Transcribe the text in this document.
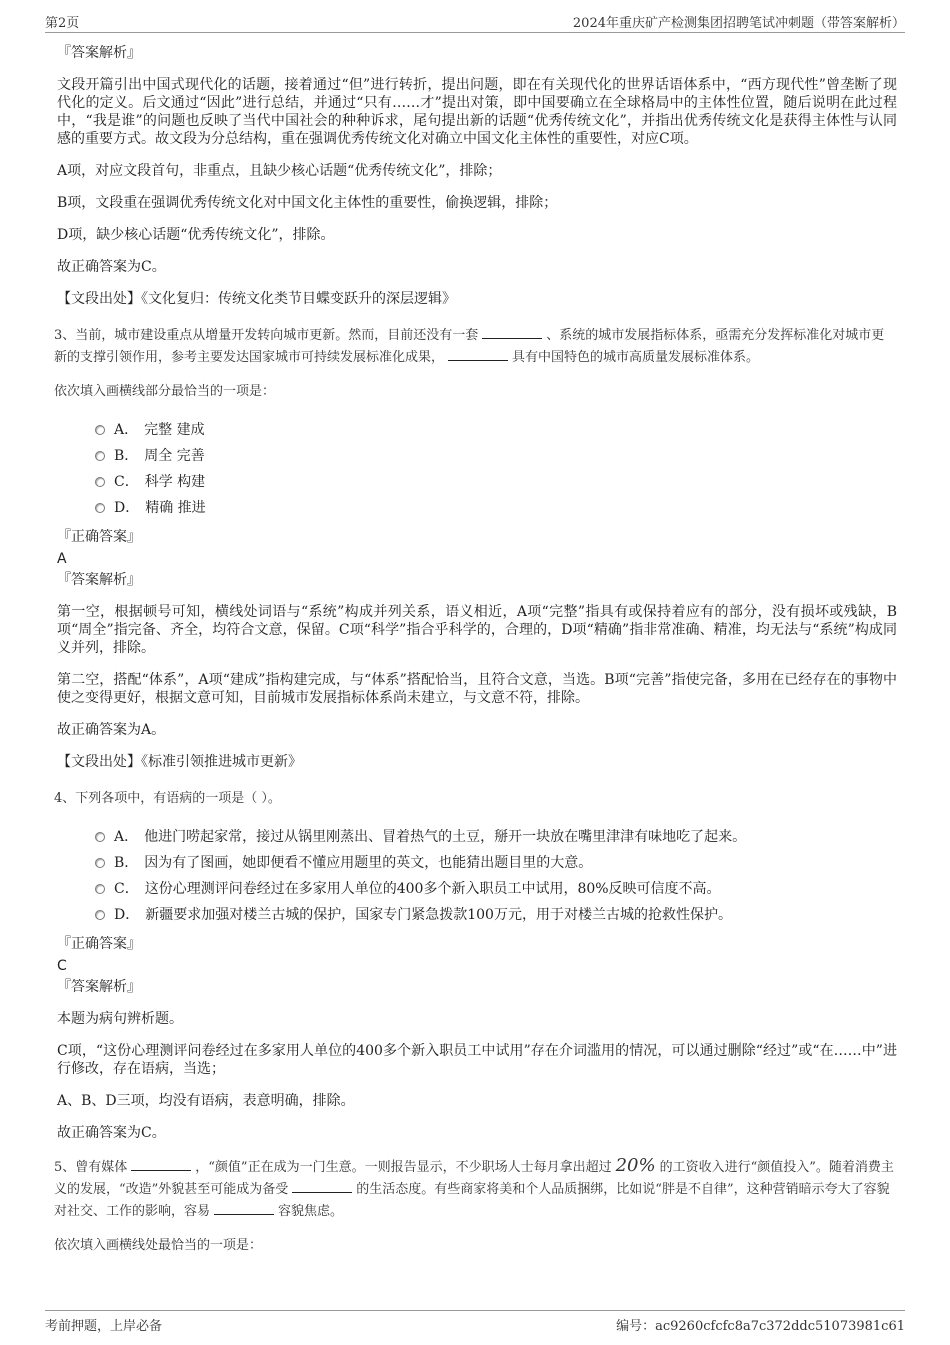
第2页	2024年重庆矿产检测集团招聘笔试冲刺题（带答案解析）
『答案解析』

文段开篇引出中国式现代化的话题，接着通过“但”进行转折，提出问题，即在有关现代化的世界话语体系中，“西方现代性”曾垄断了现代化的定义。后文通过“因此”进行总结，并通过“只有……才”提出对策，即中国要确立在全球格局中的主体性位置，随后说明在此过程中，“我是谁”的问题也反映了当代中国社会的种种诉求，尾句提出新的话题“优秀传统文化”，并指出优秀传统文化是获得主体性与认同感的重要方式。故文段为分总结构，重在强调优秀传统文化对确立中国文化主体性的重要性，对应C项。

A项，对应文段首句，非重点，且缺少核心话题“优秀传统文化”，排除；

B项，文段重在强调优秀传统文化对中国文化主体性的重要性，偷换逻辑，排除；

D项，缺少核心话题“优秀传统文化”，排除。

故正确答案为C。

【文段出处】《文化复归：传统文化类节目蝶变跃升的深层逻辑》

3、当前，城市建设重点从增量开发转向城市更新。然而，目前还没有一套	、系统的城市发展指标体系，亟需充分发挥标准化对城市更新的支撑引领作用，参考主要发达国家城市可持续发展标准化成果，	具有中国特色的城市高质量发展标准体系。
依次填入画横线部分最恰当的一项是：
A． 完整 建成
B． 周全 完善
C． 科学 构建
D． 精确 推进
『正确答案』
A
『答案解析』

第一空，根据顿号可知，横线处词语与“系统”构成并列关系，语义相近，A项“完整”指具有或保持着应有的部分，没有损坏或残缺，B项“周全”指完备、齐全，均符合文意，保留。C项“科学”指合乎科学的，合理的，D项“精确”指非常准确、精准，均无法与“系统”构成同义并列，排除。

第二空，搭配“体系”，A项“建成”指构建完成，与“体系”搭配恰当，且符合文意，当选。B项“完善”指使完备，多用在已经存在的事物中使之变得更好，根据文意可知，目前城市发展指标体系尚未建立，与文意不符，排除。

故正确答案为A。

【文段出处】《标准引领推进城市更新》

4、下列各项中，有语病的一项是（ ）。
A． 他进门唠起家常，接过从锅里刚蒸出、冒着热气的土豆，掰开一块放在嘴里津津有味地吃了起来。
B． 因为有了图画，她即便看不懂应用题里的英文，也能猜出题目里的大意。
C． 这份心理测评问卷经过在多家用人单位的400多个新入职员工中试用，80%反映可信度不高。
D． 新疆要求加强对楼兰古城的保护，国家专门紧急拨款100万元，用于对楼兰古城的抢救性保护。
『正确答案』
C
『答案解析』

本题为病句辨析题。

C项，“这份心理测评问卷经过在多家用人单位的400多个新入职员工中试用”存在介词滥用的情况，可以通过删除“经过”或“在……中”进行修改，存在语病，当选；

A、B、D三项，均没有语病，表意明确，排除。

故正确答案为C。

5、曾有媒体	，“颜值”正在成为一门生意。一则报告显示，不少职场人士每月拿出超过 20% 的工资收入进行“颜值投入”。随着消费主义的发展，“改造”外貌甚至可能成为备受	的生活态度。有些商家将美和个人品质捆绑，比如说“胖是不自律”，这种营销暗示夸大了容貌对社交、工作的影响，容易	容貌焦虑。
依次填入画横线处最恰当的一项是：
考前押题，上岸必备	编号：ac9260cfcfc8a7c372ddc51073981c61
